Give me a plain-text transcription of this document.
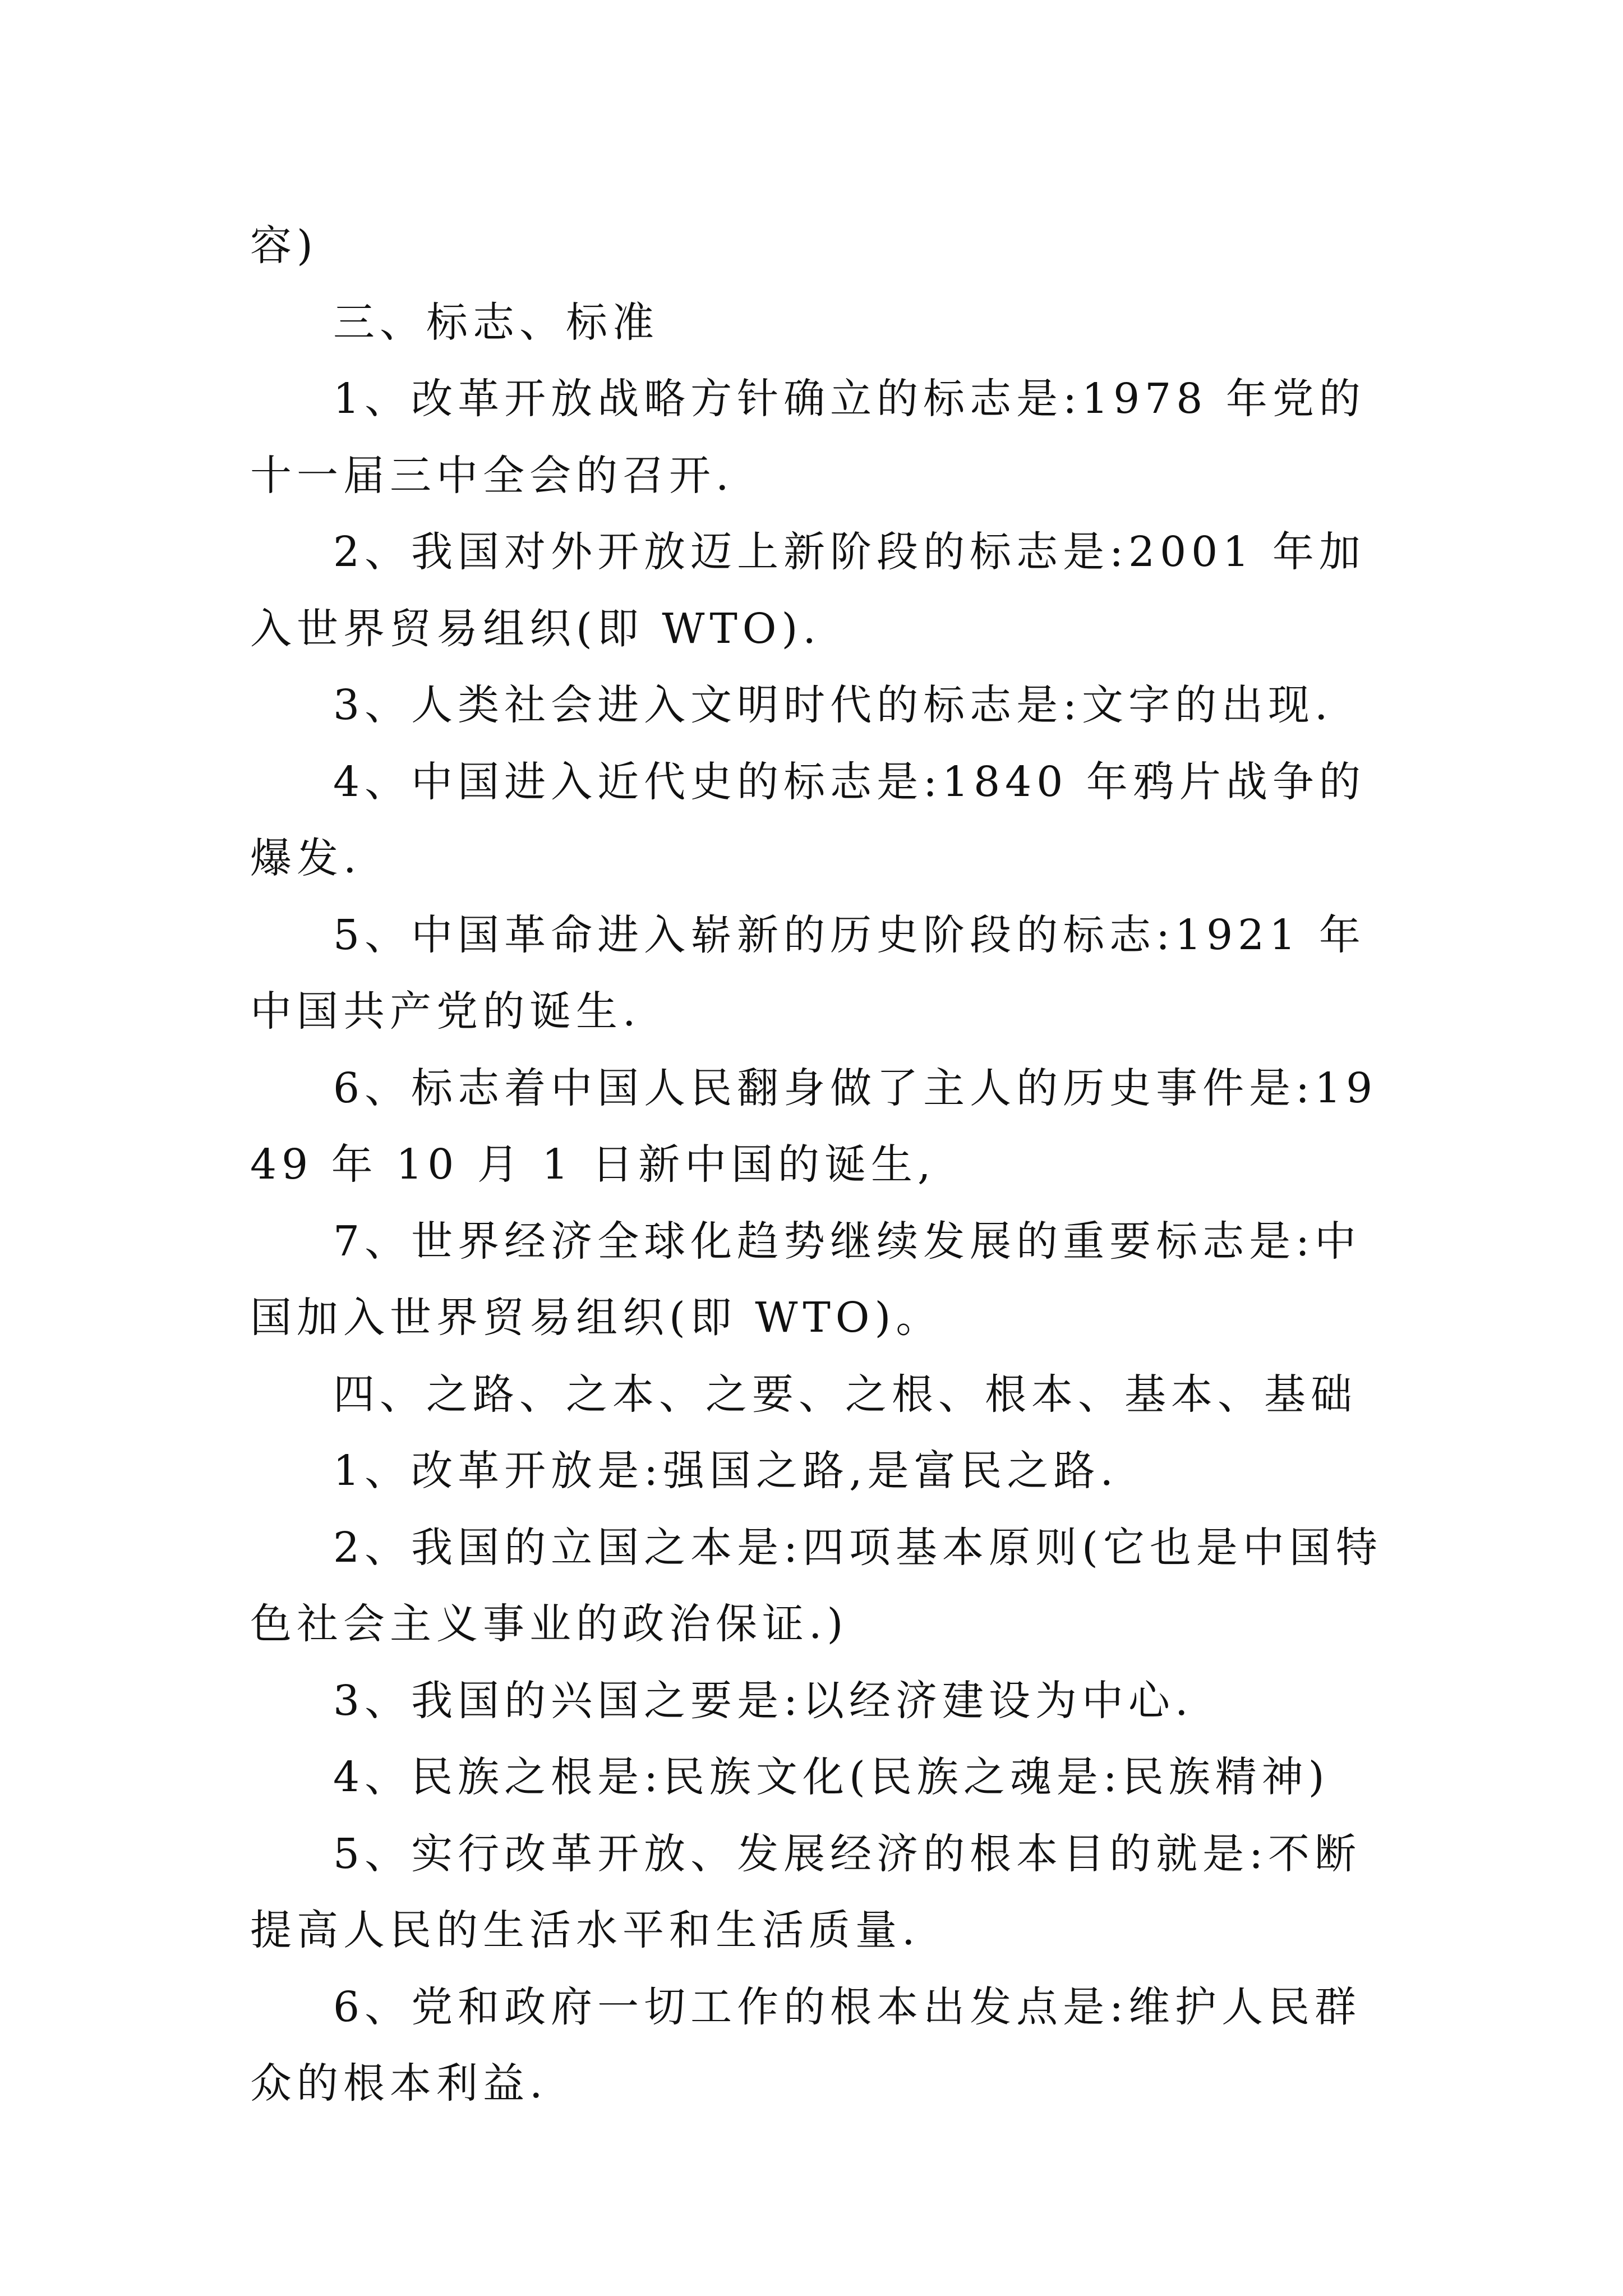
容)

三、标志、标准

1、改革开放战略方针确立的标志是:1978 年党的十一届三中全会的召开.

2、我国对外开放迈上新阶段的标志是:2001 年加入世界贸易组织(即 WTO).

3、人类社会进入文明时代的标志是:文字的出现.

4、中国进入近代史的标志是:1840 年鸦片战争的爆发.

5、中国革命进入崭新的历史阶段的标志:1921 年中国共产党的诞生.

6、标志着中国人民翻身做了主人的历史事件是:1949 年 10 月 1 日新中国的诞生,

7、世界经济全球化趋势继续发展的重要标志是:中国加入世界贸易组织(即 WTO)。

四、之路、之本、之要、之根、根本、基本、基础

1、改革开放是:强国之路,是富民之路.

2、我国的立国之本是:四项基本原则(它也是中国特色社会主义事业的政治保证.)

3、我国的兴国之要是:以经济建设为中心.

4、民族之根是:民族文化(民族之魂是:民族精神)

5、实行改革开放、发展经济的根本目的就是:不断提高人民的生活水平和生活质量.

6、党和政府一切工作的根本出发点是:维护人民群众的根本利益.
